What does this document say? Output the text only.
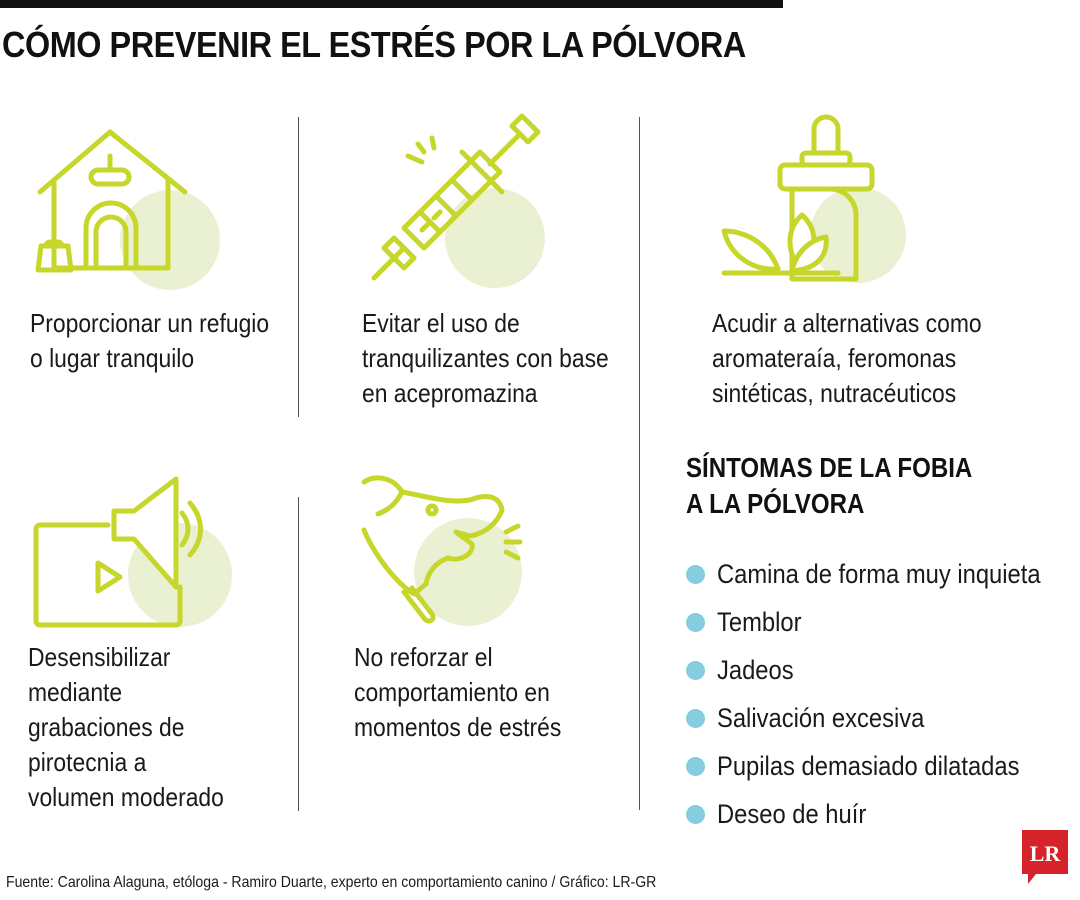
CÓMO PREVENIR EL ESTRÉS POR LA PÓLVORA

Proporcionar un refugio
o lugar tranquilo

Evitar el uso de
tranquilizantes con base
en acepromazina

Acudir a alternativas como
aromateraía, feromonas
sintéticas, nutracéuticos

Desensibilizar
mediante
grabaciones de
pirotecnia a
volumen moderado

No reforzar el
comportamiento en
momentos de estrés

SÍNTOMAS DE LA FOBIA
A LA PÓLVORA
Camina de forma muy inquieta
Temblor
Jadeos
Salivación excesiva
Pupilas demasiado dilatadas
Deseo de huír

Fuente: Carolina Alaguna, etóloga - Ramiro Duarte, experto en comportamiento canino / Gráfico: LR-GR

LR
